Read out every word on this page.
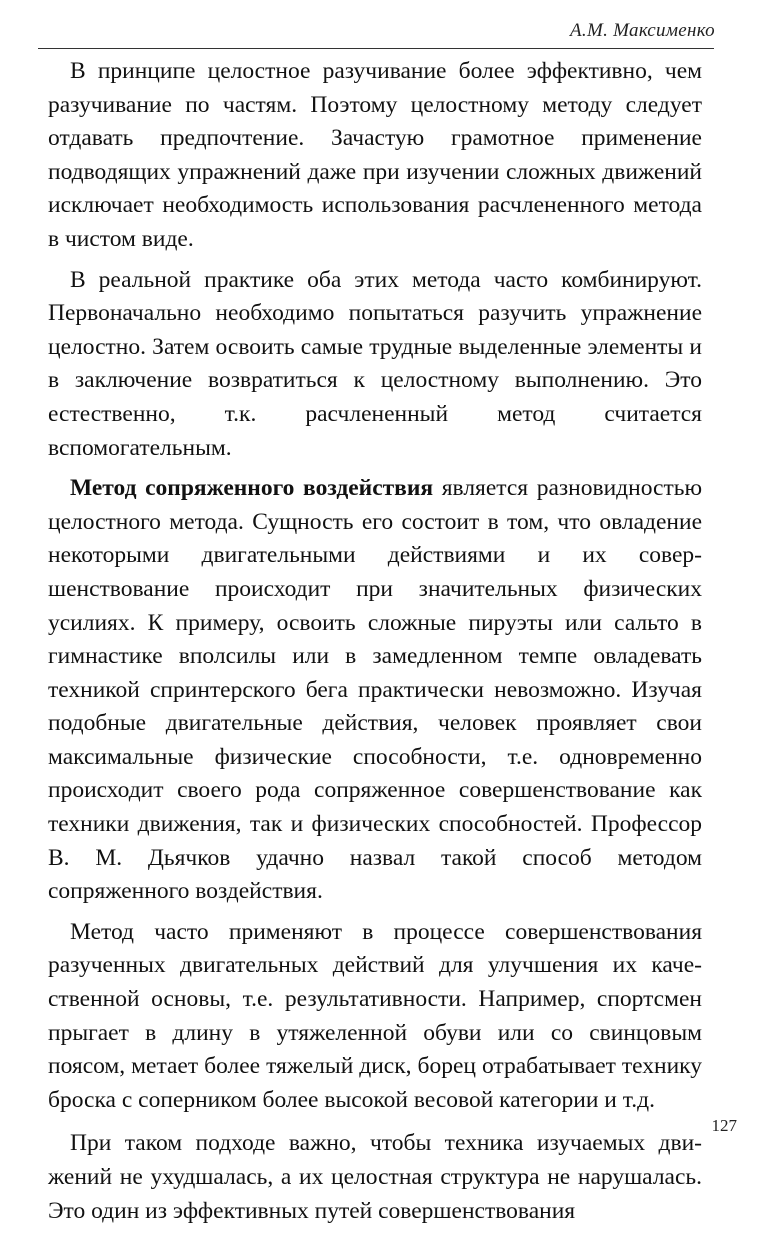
А.М. Максименко

В принципе целостное разучивание более эффективно, чем разучивание по частям. Поэтому целостному методу следует отдавать предпочтение. Зачастую грамотное применение подводящих упражнений даже при изучении сложных движений исключает необходимость использования расчлененного метода в чистом виде.

В реальной практике оба этих метода часто комбинируют. Первоначально необходимо попытаться разучить упражнение целостно. Затем освоить самые трудные выделенные элементы и в заключение возвратиться к целостному выполнению. Это естественно, т.к. расчлененный метод считается вспомогательным.

Метод сопряженного воздействия является разновидностью целостного метода. Сущность его состоит в том, что овладение некоторыми двигательными действиями и их совершенствование происходит при значительных физических усилиях. К примеру, освоить сложные пируэты или сальто в гимнастике вполсилы или в замедленном темпе овладевать техникой спринтерского бега практически невозможно. Изучая подобные двигательные действия, человек проявляет свои максимальные физические способности, т.е. одновременно происходит своего рода сопряженное совершенствование как техники движения, так и физических способностей. Профессор В. М. Дьячков удачно назвал такой способ методом сопряженного воздействия.

Метод часто применяют в процессе совершенствования разученных двигательных действий для улучшения их качественной основы, т.е. результативности. Например, спортсмен прыгает в длину в утяжеленной обуви или со свинцовым поясом, метает более тяжелый диск, борец отрабатывает технику броска с соперником более высокой весовой категории и т.д.

При таком подходе важно, чтобы техника изучаемых движений не ухудшалась, а их целостная структура не нарушалась. Это один из эффективных путей совершенствования

127
